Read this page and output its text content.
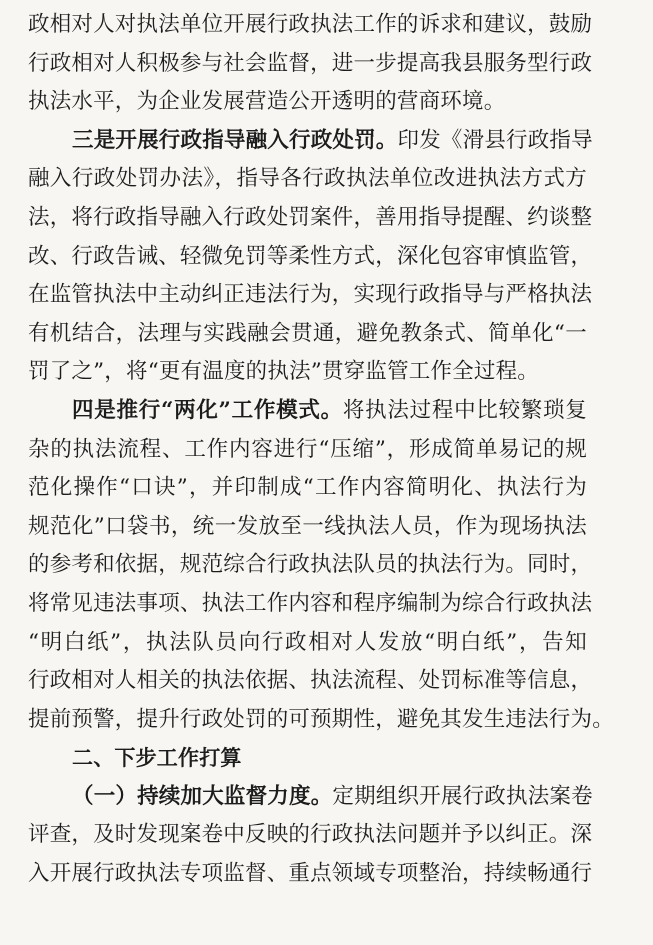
政相对人对执法单位开展行政执法工作的诉求和建议，鼓励
行政相对人积极参与社会监督，进一步提高我县服务型行政
执法水平，为企业发展营造公开透明的营商环境。
三是开展行政指导融入行政处罚。印发《滑县行政指导
融入行政处罚办法》，指导各行政执法单位改进执法方式方
法，将行政指导融入行政处罚案件，善用指导提醒、约谈整
改、行政告诫、轻微免罚等柔性方式，深化包容审慎监管，
在监管执法中主动纠正违法行为，实现行政指导与严格执法
有机结合，法理与实践融会贯通，避免教条式、简单化“一
罚了之”，将“更有温度的执法”贯穿监管工作全过程。
四是推行“两化”工作模式。将执法过程中比较繁琐复
杂的执法流程、工作内容进行“压缩”，形成简单易记的规
范化操作“口诀”，并印制成“工作内容简明化、执法行为
规范化”口袋书，统一发放至一线执法人员，作为现场执法
的参考和依据，规范综合行政执法队员的执法行为。同时，
将常见违法事项、执法工作内容和程序编制为综合行政执法
“明白纸”，执法队员向行政相对人发放“明白纸”，告知
行政相对人相关的执法依据、执法流程、处罚标准等信息，
提前预警，提升行政处罚的可预期性，避免其发生违法行为。
二、下步工作打算
（一）持续加大监督力度。定期组织开展行政执法案卷
评查，及时发现案卷中反映的行政执法问题并予以纠正。深
入开展行政执法专项监督、重点领域专项整治，持续畅通行
